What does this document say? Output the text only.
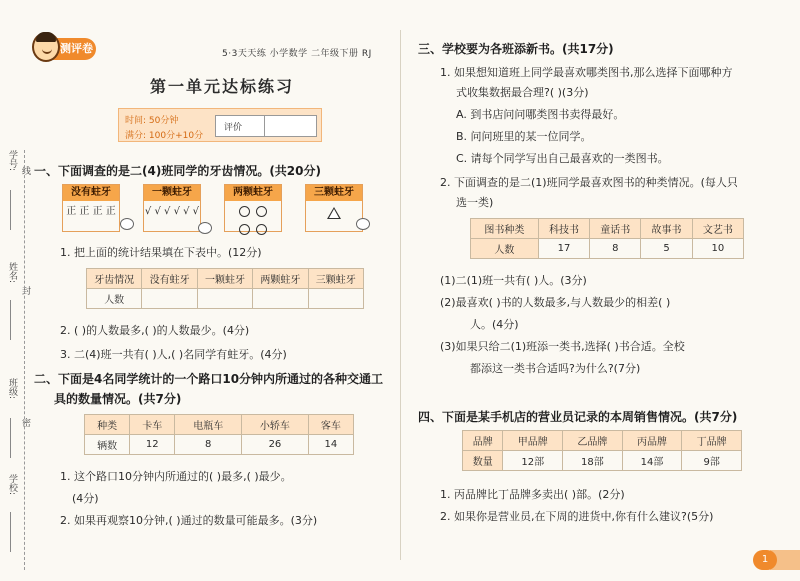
学号:
姓名:
班级:
学校:
线
封
密
测评卷	5·3天天练 小学数学 二年级下册 RJ
第一单元达标练习
时间: 50分钟
满分: 100分+10分
评价
一、下面调查的是二(4)班同学的牙齿情况。(共20分)
没有蛀牙
正 正 正 正
一颗蛀牙
√ √ √ √ √ √
两颗蛀牙	三颗蛀牙
1. 把上面的统计结果填在下表中。(12分)
牙齿情况	没有蛀牙	一颗蛀牙	两颗蛀牙	三颗蛀牙
人数				
2. ( )的人数最多,( )的人数最少。(4分)
3. 二(4)班一共有( )人,( )名同学有蛀牙。(4分)
二、下面是4名同学统计的一个路口10分钟内所通过的各种交通工
具的数量情况。(共7分)
种类	卡车	电瓶车	小轿车	客车
辆数	12	8	26	14
1. 这个路口10分钟内所通过的( )最多,( )最少。
(4分)
2. 如果再观察10分钟,( )通过的数量可能最多。(3分)
三、学校要为各班添新书。(共17分)
1. 如果想知道班上同学最喜欢哪类图书,那么选择下面哪种方
式收集数据最合理?( )(3分)
A. 到书店问问哪类图书卖得最好。
B. 问问班里的某一位同学。
C. 请每个同学写出自己最喜欢的一类图书。
2. 下面调查的是二(1)班同学最喜欢图书的种类情况。(每人只
选一类)
图书种类	科技书	童话书	故事书	文艺书
人数	17	8	5	10
(1)二(1)班一共有( )人。(3分)
(2)最喜欢( )书的人数最多,与人数最少的相差( )
人。(4分)
(3)如果只给二(1)班添一类书,选择( )书合适。全校
都添这一类书合适吗?为什么?(7分)
四、下面是某手机店的营业员记录的本周销售情况。(共7分)
品牌	甲品牌	乙品牌	丙品牌	丁品牌
数量	12部	18部	14部	9部
1. 丙品牌比丁品牌多卖出( )部。(2分)
2. 如果你是营业员,在下周的进货中,你有什么建议?(5分)
1
